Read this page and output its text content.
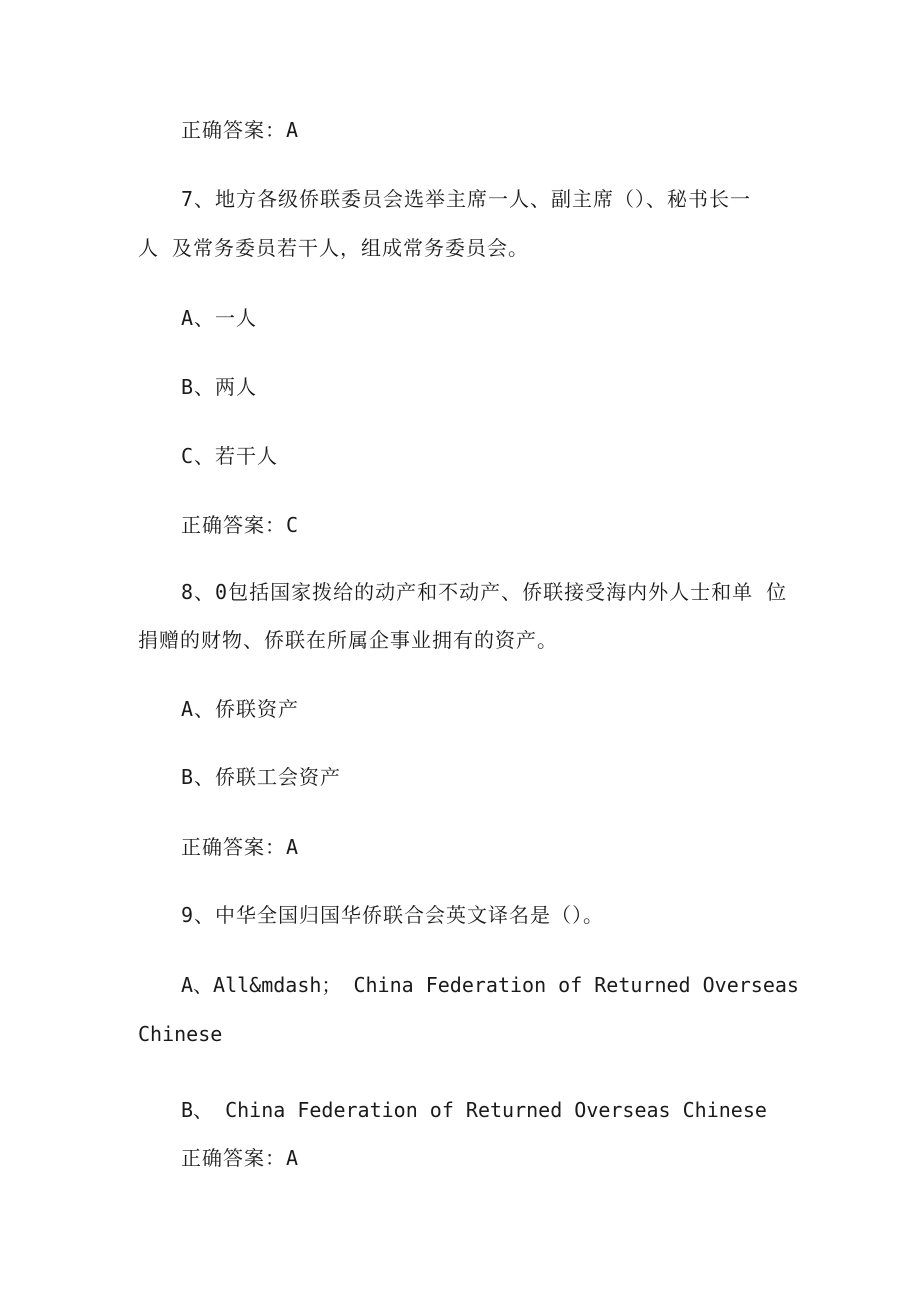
正确答案：A
7、地方各级侨联委员会选举主席一人、副主席（）、秘书长一
人 及常务委员若干人，组成常务委员会。
A、一人
B、两人
C、若干人
正确答案：C
8、0包括国家拨给的动产和不动产、侨联接受海内外人士和单 位
捐赠的财物、侨联在所属企事业拥有的资产。
A、侨联资产
B、侨联工会资产
正确答案：A
9、中华全国归国华侨联合会英文译名是（）。
A、All&mdash； China Federation of Returned Overseas
Chinese
B、 China Federation of Returned Overseas Chinese
正确答案：A
